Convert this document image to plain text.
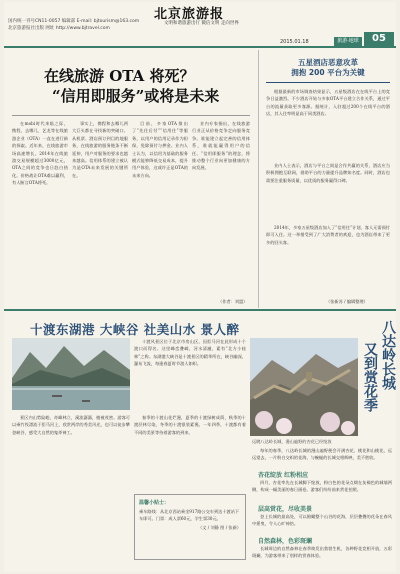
北京旅游报
国内统一刊号CN11-0057 编辑部 E-mail: bjtourism@163.com	文明和谐旅游出行 微信文明 走向世界
北京旅游报社出版 网址 http://www.bjtravel.com
2015.01.18	旅游·地球	05
在线旅游 OTA 将死？
“信用即服务”或将是未来

在mobi时代来临之际，携程、去哪儿、艺龙等在线旅游企业（OTA）一直在进行新的探索。近年来，在线旅游市场高速增长，2014年在线旅游交易规模超过3000亿元，OTA之间的竞争也日趋白热化。价格战让OTA难以赢利，有人断言OTA将死。

事实上，携程和去哪儿两大巨头都在寻找新的突破口。从机票、酒店预订到目的地服务，在线旅游的服务链条不断延伸，用户对服务的要求也越来越高。信用体系的建立被认为是OTA未来发展的关键所在。

目前，多家OTA推出了“先住后付”“信用住”等服务，以用户的信用记录作为担保，免除预付与押金。业内人士认为，以信用为基础的服务模式能够降低交易成本，提升用户体验，这或许正是OTA的未来方向。

业内专家指出，在线旅游行业正从价格竞争走向服务竞争。谁能建立起完善的信用体系，谁就能赢得用户的信任。“信用即服务”的理念，将推动整个行业向更加健康的方向发展。

（作者：刘盟）
五星酒店恶意攻革
拥抱 200 平台为关键

根据最新的市场调查结果显示，五星级酒店在在线平台上的竞争日益激烈。不少酒店开始与多家OTA平台建立合作关系，通过平台的流量获取更多客源。据统计，入驻超过200个在线平台的酒店，其入住率明显高于同类酒店。

业内人士表示，酒店与平台之间是合作共赢的关系，酒店应当积极拥抱互联网，借助平台的力量提升品牌知名度。同时，酒店也需要注重服务质量，以优质的服务赢得口碑。

2014年，多家五星级酒店加入了“信用住”计划，客人无需预付即可入住。这一举措受到了广大消费者的欢迎，也为酒店带来了更多的回头客。

（张新苏 / 编辑整理）
十渡东湖港 大峡谷 社美山水 景人醉	八达岭长城
又到赏花季

十渡风景区位于北京市房山区，因拒马河在此形成十个渡口而得名。这里峰峦叠嶂，河水清澈，素有“北方小桂林”之称。东湖港大峡谷是十渡景区的精华所在，峡谷幽深，瀑布飞流，每逢春夏时节游人如织。

景区内山势险峻，奇峰林立，溪流潺潺，植被茂密。游客可以乘竹筏漂流于拒马河上，欣赏两岸的秀美风光，也可以徒步攀登峡谷，感受大自然的鬼斧神工。

春季的十渡山花烂漫，夏季的十渡绿树成荫，秋季的十渡层林尽染，冬季的十渡银装素裹。一年四季，十渡都有着不同的美景等待着游客的到来。

温馨小贴士：
乘车路线：从北京西站乘坐917路公交车到达十渡站下车即可。门票：成人票60元，学生票30元。
（文 / 刘静 图 / 张新）
远眺八达岭长城，漫山遍野的杏花已经绽放

每年的春季，八达岭长城的漫山遍野便会开满杏花、桃花和山桃花，远远望去，一片粉白交织的花海，与蜿蜒的长城交相辉映，美不胜收。

杏花绽放 红粉相应

四月，杏花率先在长城脚下绽放，粉白色的花朵点缀在灰褐色的城墙两侧，构成一幅美丽的春日画卷。游客们纷纷前来赏花拍照。

层高赏花，尽收美景

登上长城的最高处，可以俯瞰整个山谷的花海，层层叠叠的花朵在春风中摇曳，令人心旷神怡。

自然森林，色彩斑斓

长城周边的自然森林在春季焕发出勃勃生机，各种野花竞相开放，五彩斑斓，为游客带来了别样的赏春体验。
